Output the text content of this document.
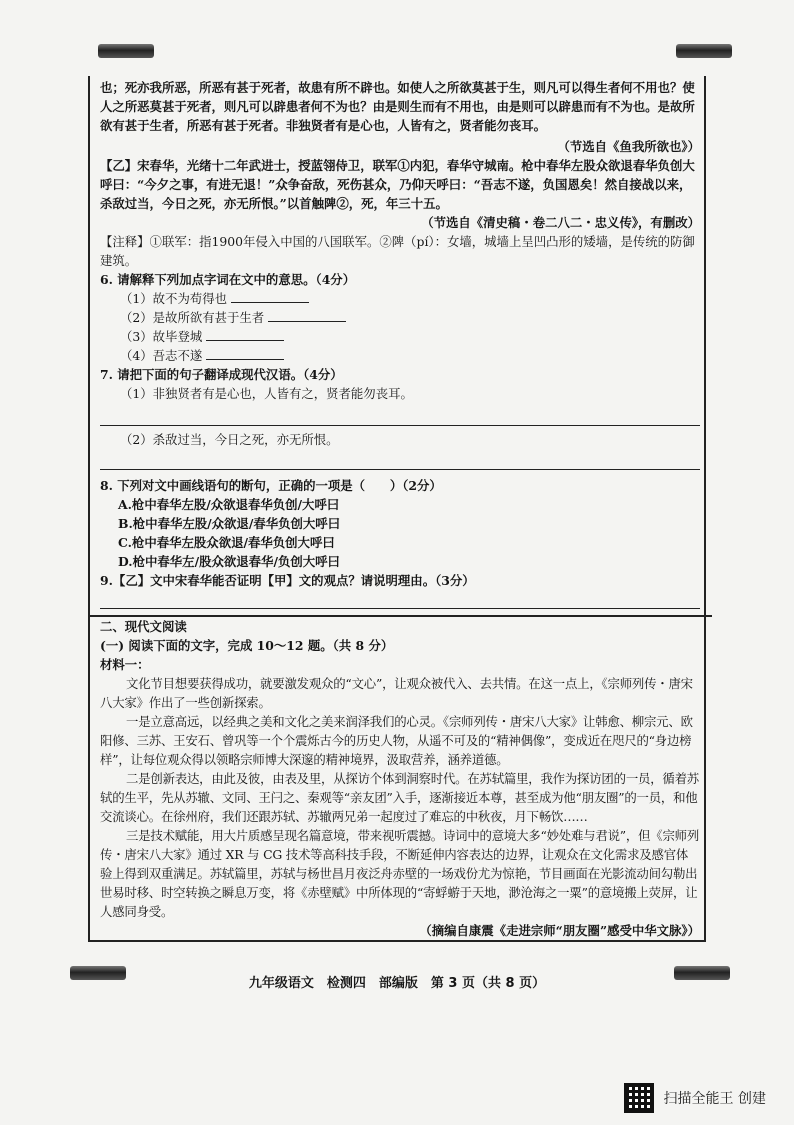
也；死亦我所恶，所恶有甚于死者，故患有所不辟也。如使人之所欲莫甚于生，则凡可以得生者何不用也？使人之所恶莫甚于死者，则凡可以辟患者何不为也？由是则生而有不用也，由是则可以辟患而有不为也。是故所欲有甚于生者，所恶有甚于死者。非独贤者有是心也，人皆有之，贤者能勿丧耳。

（节选自《鱼我所欲也》）

【乙】宋春华，光绪十二年武进士，授蓝翎侍卫，联军①内犯，春华守城南。枪中春华左股众欲退春华负创大呼曰：“今夕之事，有进无退！”众争奋敌，死伤甚众，乃仰天呼曰：“吾志不遂，负国恩矣！然自接战以来，杀敌过当，今日之死，亦无所恨。”以首触陴②，死，年三十五。

（节选自《清史稿・卷二八二・忠义传》，有删改）

【注释】①联军：指1900年侵入中国的八国联军。②陴（pí）：女墙，城墙上呈凹凸形的矮墙，是传统的防御建筑。

6. 请解释下列加点字词在文中的意思。（4分）

（1）故不为苟得也

（2）是故所欲有甚于生者

（3）故毕登城

（4）吾志不遂

7. 请把下面的句子翻译成现代汉语。（4分）

（1）非独贤者有是心也，人皆有之，贤者能勿丧耳。

（2）杀敌过当，今日之死，亦无所恨。

8. 下列对文中画线语句的断句，正确的一项是（　　）（2分）

A.枪中春华左股/众欲退春华负创/大呼曰

B.枪中春华左股/众欲退/春华负创大呼曰

C.枪中春华左股众欲退/春华负创大呼曰

D.枪中春华左/股众欲退春华/负创大呼曰

9.【乙】文中宋春华能否证明【甲】文的观点？请说明理由。（3分）

二、现代文阅读

(一) 阅读下面的文字，完成 10～12 题。（共 8 分）

材料一：

文化节目想要获得成功，就要激发观众的“文心”，让观众被代入、去共情。在这一点上，《宗师列传・唐宋八大家》作出了一些创新探索。

一是立意高远，以经典之美和文化之美来润泽我们的心灵。《宗师列传・唐宋八大家》让韩愈、柳宗元、欧阳修、三苏、王安石、曾巩等一个个震烁古今的历史人物，从遥不可及的“精神偶像”，变成近在咫尺的“身边榜样”，让每位观众得以领略宗师博大深邃的精神境界，汲取营养，涵养道德。

二是创新表达，由此及彼，由表及里，从探访个体到洞察时代。在苏轼篇里，我作为探访团的一员，循着苏轼的生平，先从苏辙、文同、王闩之、秦观等“亲友团”入手，逐渐接近本尊，甚至成为他“朋友圈”的一员，和他交流谈心。在徐州府，我们还跟苏轼、苏辙两兄弟一起度过了难忘的中秋夜，月下畅饮……

三是技术赋能，用大片质感呈现名篇意境，带来视听震撼。诗词中的意境大多“妙处难与君说”，但《宗师列传・唐宋八大家》通过 XR 与 CG 技术等高科技手段，不断延伸内容表达的边界，让观众在文化需求及感官体验上得到双重满足。苏轼篇里，苏轼与杨世昌月夜泛舟赤壁的一场戏份尤为惊艳，节目画面在光影流动间勾勒出世易时移、时空转换之瞬息万变，将《赤壁赋》中所体现的“寄蜉蝣于天地，渺沧海之一粟”的意境搬上荧屏，让人感同身受。

（摘编自康震《走进宗师“朋友圈”感受中华文脉》）

九年级语文　检测四　部编版　第 3 页（共 8 页）
扫描全能王 创建
